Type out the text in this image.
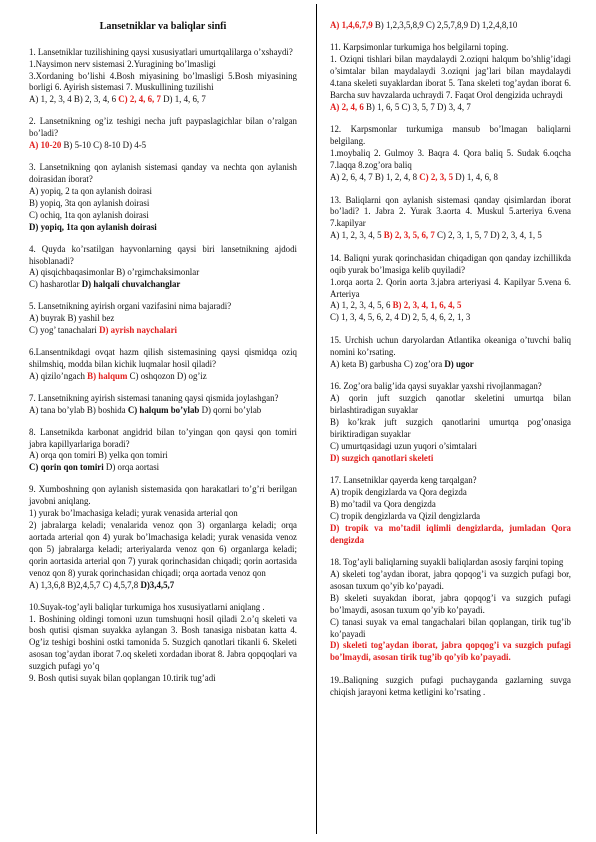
Lansetniklar va baliqlar sinfi
1. Lansetniklar tuzilishining qaysi xususiyatlari umurtqalilarga o’xshaydi?
1.Naysimon nerv sistemasi 2.Yuragining bo’lmasligi
3.Xordaning bo’lishi 4.Bosh miyasining bo’lmasligi 5.Bosh miyasining borligi 6. Ayirish sistemasi 7. Muskullining tuzilishi
A) 1, 2, 3, 4 B) 2, 3, 4, 6 C) 2, 4, 6, 7 D) 1, 4, 6, 7
2. Lansetnikning og’iz teshigi necha juft paypaslagichlar bilan o’ralgan bo’ladi?
A) 10-20 B) 5-10 C) 8-10 D) 4-5
3. Lansetnikning qon aylanish sistemasi qanday va nechta qon aylanish doirasidan iborat?
A) yopiq, 2 ta qon aylanish doirasi
B) yopiq, 3ta qon aylanish doirasi
C) ochiq, 1ta qon aylanish doirasi
D) yopiq, 1ta qon aylanish doirasi
4. Quyda ko’rsatilgan hayvonlarning qaysi biri lansetnikning ajdodi hisoblanadi?
A) qisqichbaqasimonlar B) o’rgimchaksimonlar
C) hasharotlar D) halqali chuvalchanglar
5. Lansetnikning ayirish organi vazifasini nima bajaradi?
A) buyrak B) yashil bez
C) yog’ tanachalari D) ayrish naychalari
6.Lansentnikdagi ovqat hazm qilish sistemasining qaysi qismidqa oziq shilmshiq, modda bilan kichik luqmalar hosil qiladi?
A) qizilo’ngach B) halqum C) oshqozon D) og’iz
7. Lansetnikning ayirish sistemasi tananing qaysi qismida joylashgan?
A) tana bo’ylab B) boshida C) halqum bo’ylab D) qorni bo’ylab
8. Lansetnikda karbonat angidrid bilan to’yingan qon qaysi qon tomiri jabra kapillyarlariga boradi?
A) orqa qon tomiri B) yelka qon tomiri
C) qorin qon tomiri D) orqa aortasi
9. Xumboshning qon aylanish sistemasida qon harakatlari to’g’ri berilgan javobni aniqlang.
1) yurak bo’lmachasiga keladi; yurak venasida arterial qon
2) jabralarga keladi; venalarida venoz qon 3) organlarga keladi; orqa aortada arterial qon 4) yurak bo’lmachasiga keladi; yurak venasida venoz qon 5) jabralarga keladi; arteriyalarda venoz qon 6) organlarga keladi; qorin aortasida arterial qon 7) yurak qorinchasidan chiqadi; qorin aortasida venoz qon 8) yurak qorinchasidan chiqadi; orqa aortada venoz qon
A) 1,3,6,8 B)2,4,5,7 C) 4,5,7,8 D)3,4,5,7
10.Suyak-tog’ayli baliqlar turkumiga hos xususiyatlarni aniqlang .
1. Boshining oldingi tomoni uzun tumshuqni hosil qiladi 2.o’q skeleti va bosh qutisi qisman suyakka aylangan 3. Bosh tanasiga nisbatan katta 4. Og’iz teshigi boshini ostki tamonida 5. Suzgich qanotlari tikanli 6. Skeleti asosan tog’aydan iborat 7.oq skeleti xordadan iborat 8. Jabra qopqoqlari va suzgich pufagi yo’q
9. Bosh qutisi suyak bilan qoplangan 10.tirik tug’adi
A) 1,4,6,7,9 B) 1,2,3,5,8,9 C) 2,5,7,8,9 D) 1,2,4,8,10
11. Karpsimonlar turkumiga hos belgilarni toping.
1. Oziqni tishlari bilan maydalaydi 2.oziqni halqum bo’shlig’idagi o’simtalar bilan maydalaydi 3.oziqni jag’lari bilan maydalaydi 4.tana skeleti suyaklardan iborat 5. Tana skeleti tog’aydan iborat 6. Barcha suv havzalarda uchraydi 7. Faqat Orol dengizida uchraydi
A) 2, 4, 6 B) 1, 6, 5 C) 3, 5, 7 D) 3, 4, 7
12. Karpsmonlar turkumiga mansub bo’lmagan baliqlarni belgilang.
1.moybaliq 2. Gulmoy 3. Baqra 4. Qora baliq 5. Sudak 6.oqcha 7.laqqa 8.zog’ora baliq
A) 2, 6, 4, 7 B) 1, 2, 4, 8 C) 2, 3, 5 D) 1, 4, 6, 8
13. Baliqlarni qon aylanish sistemasi qanday qisimlardan iborat bo’ladi? 1. Jabra 2. Yurak 3.aorta 4. Muskul 5.arteriya 6.vena 7.kapilyar
A) 1, 2, 3, 4, 5 B) 2, 3, 5, 6, 7 C) 2, 3, 1, 5, 7 D) 2, 3, 4, 1, 5
14. Baliqni yurak qorinchasidan chiqadigan qon qanday izchillikda oqib yurak bo’lmasiga kelib quyiladi?
1.orqa aorta 2. Qorin aorta 3.jabra arteriyasi 4. Kapilyar 5.vena 6. Arteriya
A) 1, 2, 3, 4, 5, 6 B) 2, 3, 4, 1, 6, 4, 5
C) 1, 3, 4, 5, 6, 2, 4 D) 2, 5, 4, 6, 2, 1, 3
15. Urchish uchun daryolardan Atlantika okeaniga o’tuvchi baliq nomini ko’rsating.
A) keta B) garbusha C) zog’ora D) ugor
16. Zog’ora balig’ida qaysi suyaklar yaxshi rivojlanmagan?
A) qorin juft suzgich qanotlar skeletini umurtqa bilan birlashtiradigan suyaklar
B) ko’krak juft suzgich qanotlarini umurtqa pog’onasiga biriktiradigan suyaklar
C) umurtqasidagi uzun yuqori o’simtalari
D) suzgich qanotlari skeleti
17. Lansetniklar qayerda keng tarqalgan?
A) tropik dengizlarda va Qora degizda
B) mo’tadil va Qora dengizda
C) tropik dengizlarda va Qizil dengizlarda
D) tropik va mo’tadil iqlimli dengizlarda, jumladan Qora dengizda
18. Tog’ayli baliqlarning suyakli baliqlardan asosiy farqini toping
A) skeleti tog’aydan iborat, jabra qopqog’i va suzgich pufagi bor, asosan tuxum qo’yib ko’payadi.
B) skeleti suyakdan iborat, jabra qopqog’i va suzgich pufagi bo’lmaydi, asosan tuxum qo’yib ko’payadi.
C) tanasi suyak va emal tangachalari bilan qoplangan, tirik tug’ib ko’payadi
D) skeleti tog’aydan iborat, jabra qopqog’i va suzgich pufagi bo’lmaydi, asosan tirik tug’ib qo’yib ko’payadi.
19..Baliqning suzgich pufagi puchayganda gazlarning suvga chiqish jarayoni ketma ketligini ko’rsating .
